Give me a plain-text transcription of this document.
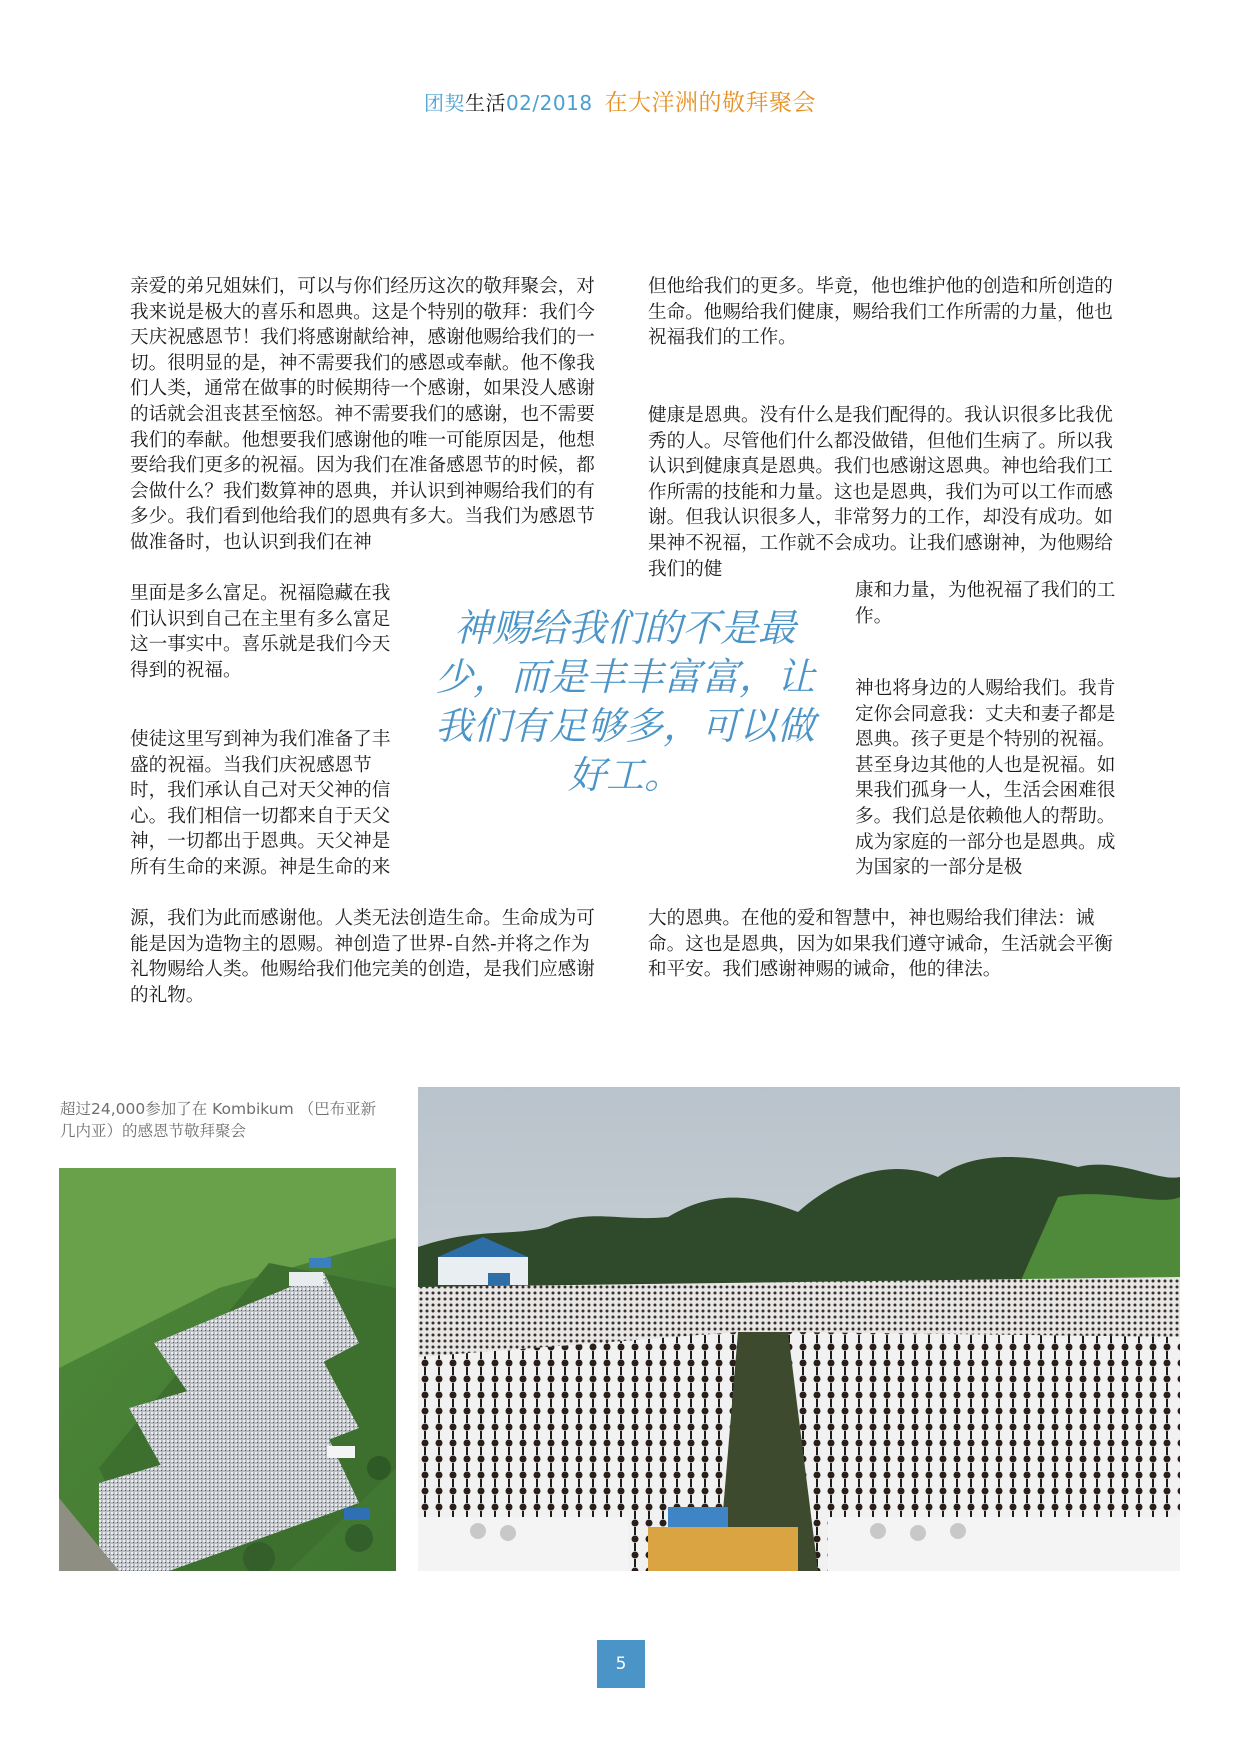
团契生活02/2018 在大洋洲的敬拜聚会

亲爱的弟兄姐妹们，可以与你们经历这次的敬拜聚会，对我来说是极大的喜乐和恩典。这是个特别的敬拜：我们今天庆祝感恩节！我们将感谢献给神，感谢他赐给我们的一切。很明显的是，神不需要我们的感恩或奉献。他不像我们人类，通常在做事的时候期待一个感谢，如果没人感谢的话就会沮丧甚至恼怒。神不需要我们的感谢，也不需要我们的奉献。他想要我们感谢他的唯一可能原因是，他想要给我们更多的祝福。因为我们在准备感恩节的时候，都会做什么？我们数算神的恩典，并认识到神赐给我们的有多少。我们看到他给我们的恩典有多大。当我们为感恩节做准备时，也认识到我们在神

里面是多么富足。祝福隐藏在我们认识到自己在主里有多么富足这一事实中。喜乐就是我们今天得到的祝福。

使徒这里写到神为我们准备了丰盛的祝福。当我们庆祝感恩节时，我们承认自己对天父神的信心。我们相信一切都来自于天父神，一切都出于恩典。天父神是所有生命的来源。神是生命的来

源，我们为此而感谢他。人类无法创造生命。生命成为可能是因为造物主的恩赐。神创造了世界-自然-并将之作为礼物赐给人类。他赐给我们他完美的创造，是我们应感谢的礼物。

但他给我们的更多。毕竟，他也维护他的创造和所创造的生命。他赐给我们健康，赐给我们工作所需的力量，他也祝福我们的工作。

健康是恩典。没有什么是我们配得的。我认识很多比我优秀的人。尽管他们什么都没做错，但他们生病了。所以我认识到健康真是恩典。我们也感谢这恩典。神也给我们工作所需的技能和力量。这也是恩典，我们为可以工作而感谢。但我认识很多人，非常努力的工作，却没有成功。如果神不祝福，工作就不会成功。让我们感谢神，为他赐给我们的健

康和力量，为他祝福了我们的工作。

神也将身边的人赐给我们。我肯定你会同意我：丈夫和妻子都是恩典。孩子更是个特别的祝福。甚至身边其他的人也是祝福。如果我们孤身一人，生活会困难很多。我们总是依赖他人的帮助。成为家庭的一部分也是恩典。成为国家的一部分是极

大的恩典。在他的爱和智慧中，神也赐给我们律法：诫命。这也是恩典，因为如果我们遵守诫命，生活就会平衡和平安。我们感谢神赐的诫命，他的律法。

神赐给我们的不是最少，而是丰丰富富，让我们有足够多，可以做好工。
超过24,000参加了在 Kombikum （巴布亚新几内亚）的感恩节敬拜聚会
5
